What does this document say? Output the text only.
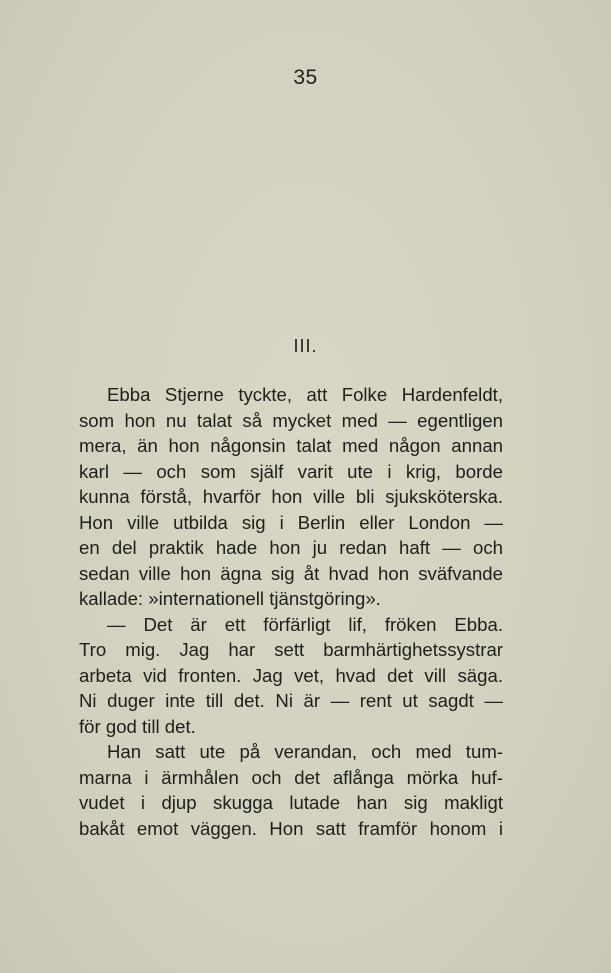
35
III.
Ebba Stjerne tyckte, att Folke Hardenfeldt,
som hon nu talat så mycket med — egentligen
mera, än hon någonsin talat med någon annan
karl — och som själf varit ute i krig, borde
kunna förstå, hvarför hon ville bli sjuksköterska.
Hon ville utbilda sig i Berlin eller London —
en del praktik hade hon ju redan haft — och
sedan ville hon ägna sig åt hvad hon sväfvande
kallade: »internationell tjänstgöring».
— Det är ett förfärligt lif, fröken Ebba.
Tro mig. Jag har sett barmhärtighetssystrar
arbeta vid fronten. Jag vet, hvad det vill säga.
Ni duger inte till det. Ni är — rent ut sagdt —
för god till det.
Han satt ute på verandan, och med tum-
marna i ärmhålen och det aflånga mörka huf-
vudet i djup skugga lutade han sig makligt
bakåt emot väggen. Hon satt framför honom i
